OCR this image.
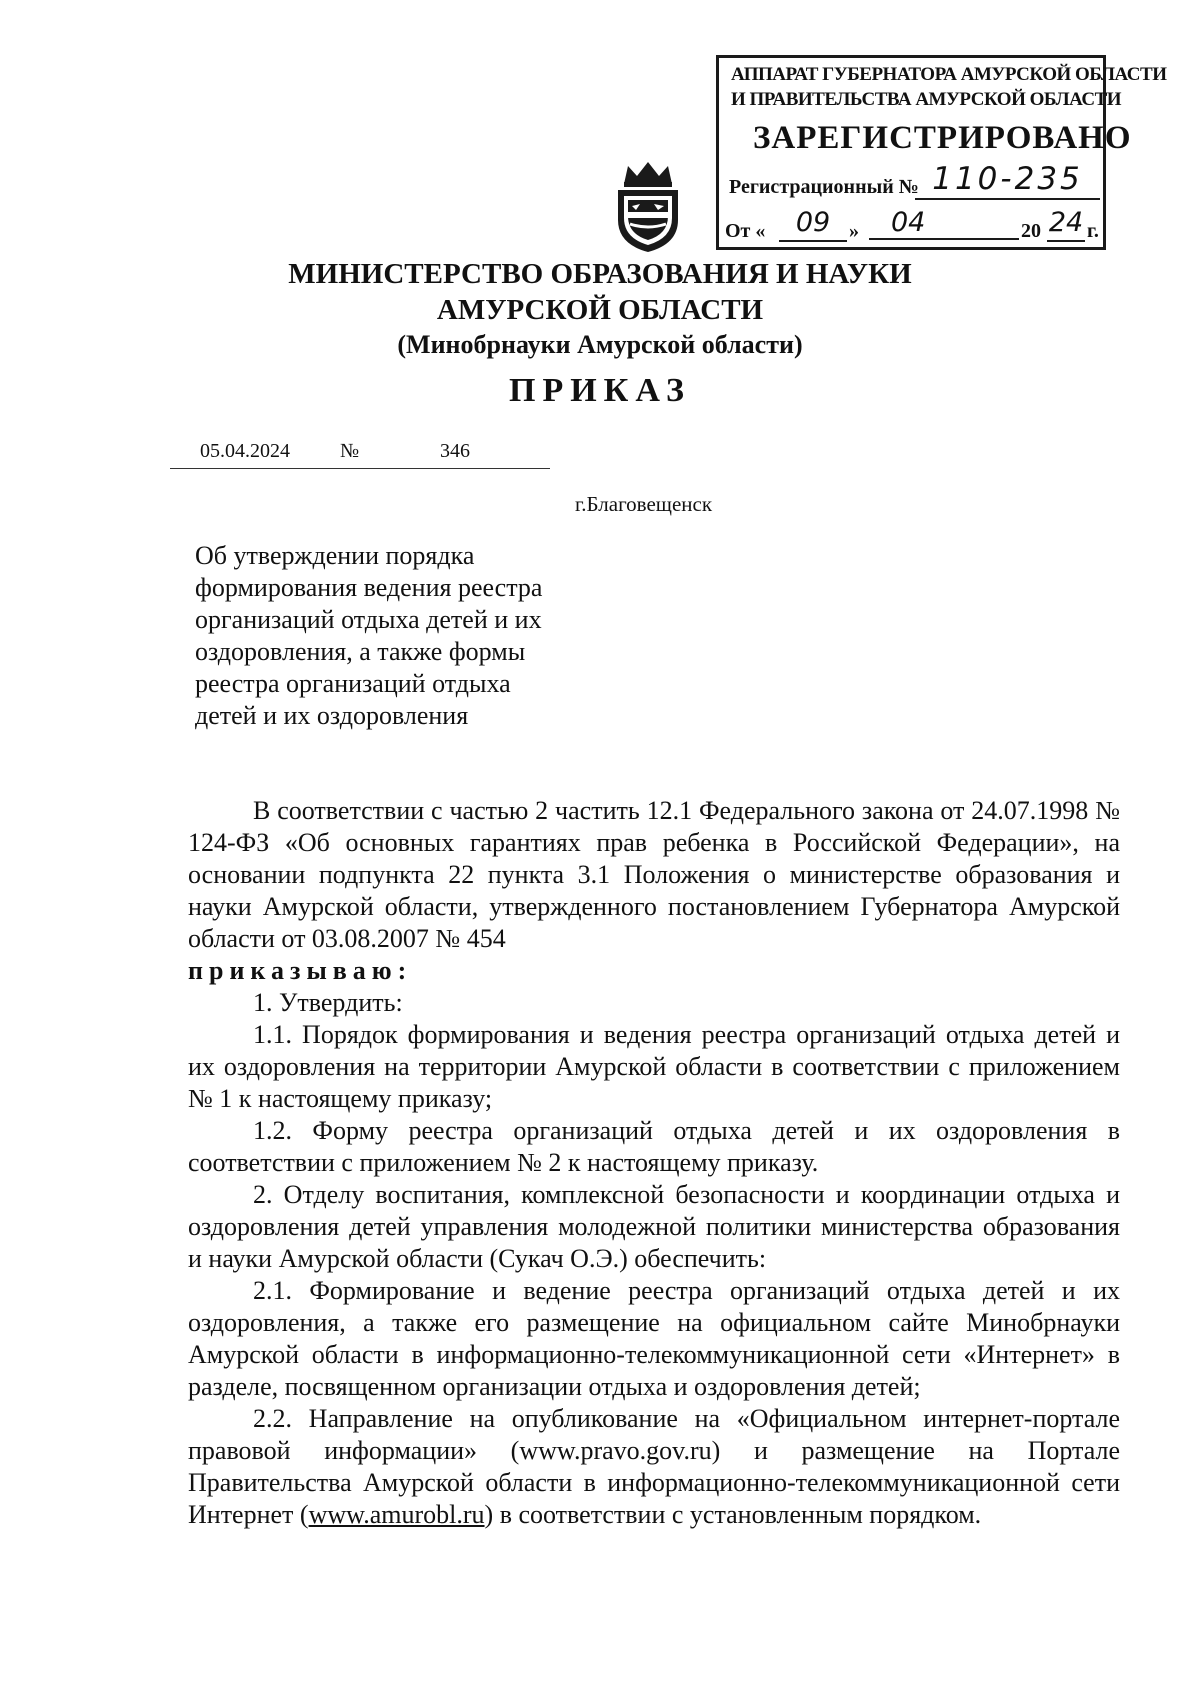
АППАРАТ ГУБЕРНАТОРА АМУРСКОЙ ОБЛАСТИ
И ПРАВИТЕЛЬСТВА АМУРСКОЙ ОБЛАСТИ
ЗАРЕГИСТРИРОВАНО
Регистрационный № 110-235
От «	09 »	04	20 24 г.
МИНИСТЕРСТВО ОБРАЗОВАНИЯ И НАУКИ
АМУРСКОЙ ОБЛАСТИ
(Минобрнауки Амурской области)
ПРИКАЗ
05.04.2024	№	346
г.Благовещенск
Об утверждении порядка
формирования ведения реестра
организаций отдыха детей и их
оздоровления, а также формы
реестра организаций отдыха
детей и их оздоровления

В соответствии с частью 2 частить 12.1 Федерального закона от 24.07.1998 № 124-ФЗ «Об основных гарантиях прав ребенка в Российской Федерации», на основании подпункта 22 пункта 3.1 Положения о министерстве образования и науки Амурской области, утвержденного постановлением Губернатора Амурской области от 03.08.2007 № 454

приказываю:

1. Утвердить:

1.1. Порядок формирования и ведения реестра организаций отдыха детей и их оздоровления на территории Амурской области в соответствии с приложением № 1 к настоящему приказу;

1.2. Форму реестра организаций отдыха детей и их оздоровления в соответствии с приложением № 2 к настоящему приказу.

2. Отделу воспитания, комплексной безопасности и координации отдыха и оздоровления детей управления молодежной политики министерства образования и науки Амурской области (Сукач О.Э.) обеспечить:

2.1. Формирование и ведение реестра организаций отдыха детей и их оздоровления, а также его размещение на официальном сайте Минобрнауки Амурской области в информационно-телекоммуникационной сети «Интернет» в разделе, посвященном организации отдыха и оздоровления детей;

2.2. Направление на опубликование на «Официальном интернет-портале правовой информации» (www.pravo.gov.ru) и размещение на Портале Правительства Амурской области в информационно-телекоммуникационной сети Интернет (www.amurobl.ru) в соответствии с установленным порядком.
